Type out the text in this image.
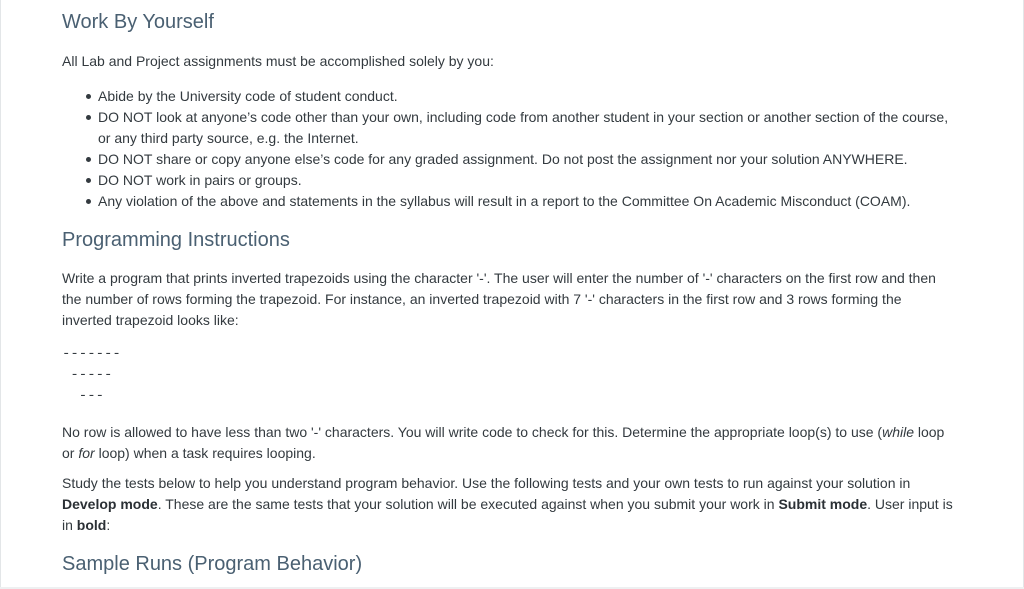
Work By Yourself
All Lab and Project assignments must be accomplished solely by you:
Abide by the University code of student conduct.
DO NOT look at anyone’s code other than your own, including code from another student in your section or another section of the course, or any third party source, e.g. the Internet.
DO NOT share or copy anyone else’s code for any graded assignment. Do not post the assignment nor your solution ANYWHERE.
DO NOT work in pairs or groups.
Any violation of the above and statements in the syllabus will result in a report to the Committee On Academic Misconduct (COAM).
Programming Instructions
Write a program that prints inverted trapezoids using the character '-'. The user will enter the number of '-' characters on the first row and then the number of rows forming the trapezoid. For instance, an inverted trapezoid with 7 '-' characters in the first row and 3 rows forming the inverted trapezoid looks like:
-------
-----
---
No row is allowed to have less than two '-' characters. You will write code to check for this. Determine the appropriate loop(s) to use (while loop or for loop) when a task requires looping.
Study the tests below to help you understand program behavior. Use the following tests and your own tests to run against your solution in Develop mode. These are the same tests that your solution will be executed against when you submit your work in Submit mode. User input is in bold:
Sample Runs (Program Behavior)
